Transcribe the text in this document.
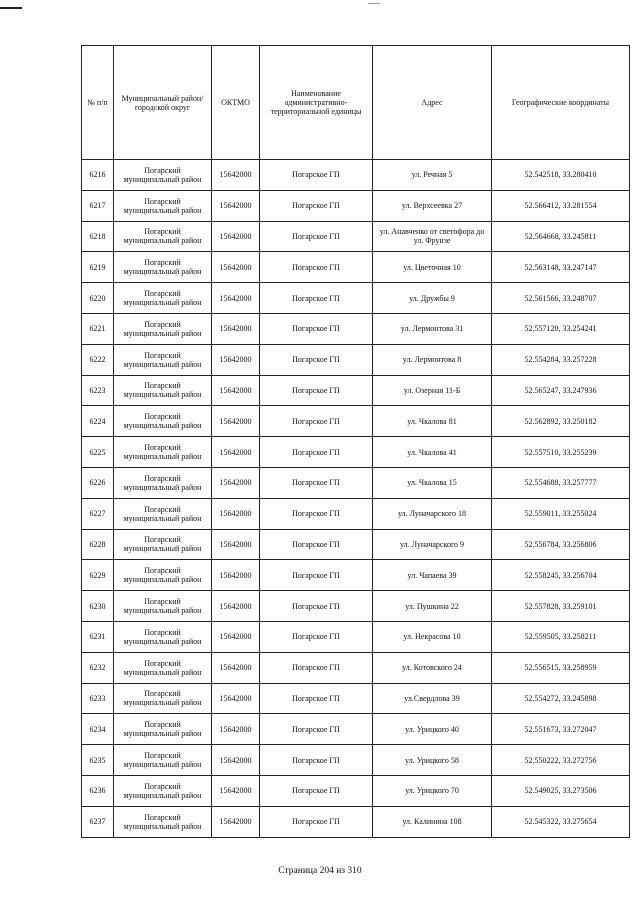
№ п/п	Муниципальный район/городской округ	ОКТМО	Наименование административно-территориальной единицы	Адрес	Географические координаты
6216	Погарский муниципальный район	15642000	Погарское ГП	ул. Речная 5	52.542518, 33.280410
6217	Погарский муниципальный район	15642000	Погарское ГП	ул. Верхсеевка 27	52.566412, 33.281554
6218	Погарский муниципальный район	15642000	Погарское ГП	ул. Анавченко от светофора до ул. Фрунзе	52.564668, 33.245811
6219	Погарский муниципальный район	15642000	Погарское ГП	ул. Цветочная 10	52.563148, 33.247147
6220	Погарский муниципальный район	15642000	Погарское ГП	ул. Дружбы 9	52.561566, 33.248707
6221	Погарский муниципальный район	15642000	Погарское ГП	ул. Лермонтова 31	52.557120, 33.254241
6222	Погарский муниципальный район	15642000	Погарское ГП	ул. Лермонтова 8	52.554284, 33.257228
6223	Погарский муниципальный район	15642000	Погарское ГП	ул. Озерная 11-Б	52.565247, 33.247936
6224	Погарский муниципальный район	15642000	Погарское ГП	ул. Чкалова 81	52.562892, 33.250182
6225	Погарский муниципальный район	15642000	Погарское ГП	ул. Чкалова 41	52.557510, 33.255239
6226	Погарский муниципальный район	15642000	Погарское ГП	ул. Чкалова 15	52.554688, 33.257777
6227	Погарский муниципальный район	15642000	Погарское ГП	ул. Луначарского 18	52.559011, 33.255024
6228	Погарский муниципальный район	15642000	Погарское ГП	ул. Луначарского 9	52.556784, 33.256806
6229	Погарский муниципальный район	15642000	Погарское ГП	ул. Чапаева 39	52.558245, 33.256704
6230	Погарский муниципальный район	15642000	Погарское ГП	ул. Пушкина 22	52.557828, 33.259101
6231	Погарский муниципальный район	15642000	Погарское ГП	ул. Некрасова 10	52.559505, 33.258211
6232	Погарский муниципальный район	15642000	Погарское ГП	ул. Котовского 24	52.556515, 33.258959
6233	Погарский муниципальный район	15642000	Погарское ГП	ул.Свердлова 39	52.554272, 33.245898
6234	Погарский муниципальный район	15642000	Погарское ГП	ул. Урицкого 40	52.551673, 33.272047
6235	Погарский муниципальный район	15642000	Погарское ГП	ул. Урицкого 58	52.550222, 33.272756
6236	Погарский муниципальный район	15642000	Погарское ГП	ул. Урицкого 70	52.549025, 33.273506
6237	Погарский муниципальный район	15642000	Погарское ГП	ул. Калинина 108	52.545322, 33.275654
Страница 204 из 310
